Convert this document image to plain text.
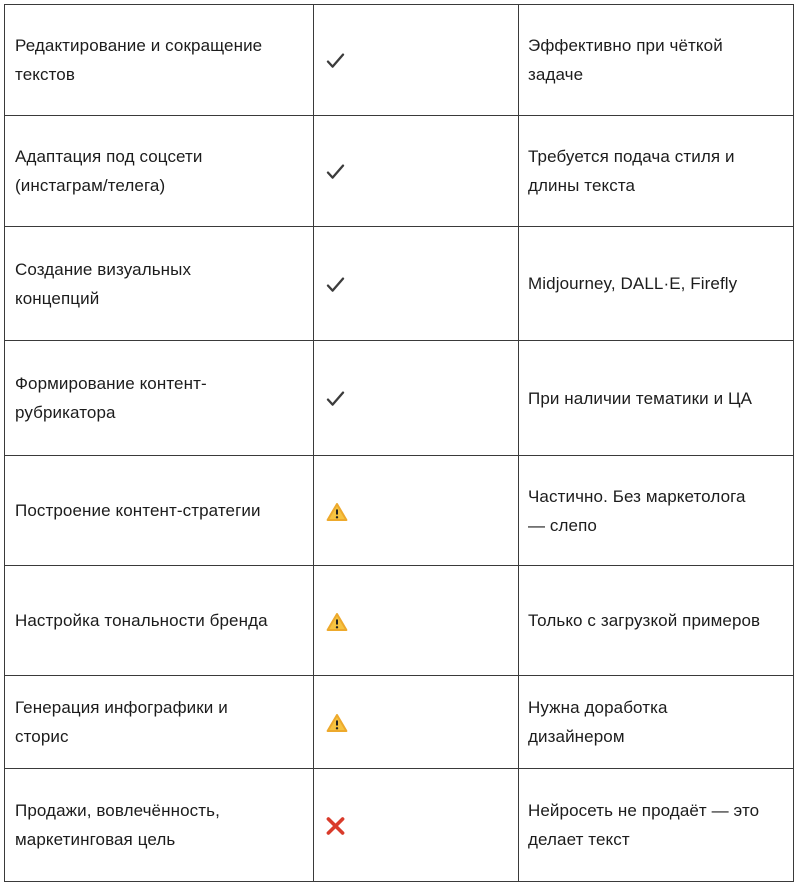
Редактирование и сокращение текстов		Эффективно при чёткой задаче
Адаптация под соцсети (инстаграм/телега)		Требуется подача стиля и длины текста
Создание визуальных концепций		Midjourney, DALL·E, Firefly
Формирование контент-рубрикатора		При наличии тематики и ЦА
Построение контент-стратегии		Частично. Без маркетолога — слепо
Настройка тональности бренда		Только с загрузкой примеров
Генерация инфографики и сторис		Нужна доработка дизайнером
Продажи, вовлечённость, маркетинговая цель		Нейросеть не продаёт — это делает текст
